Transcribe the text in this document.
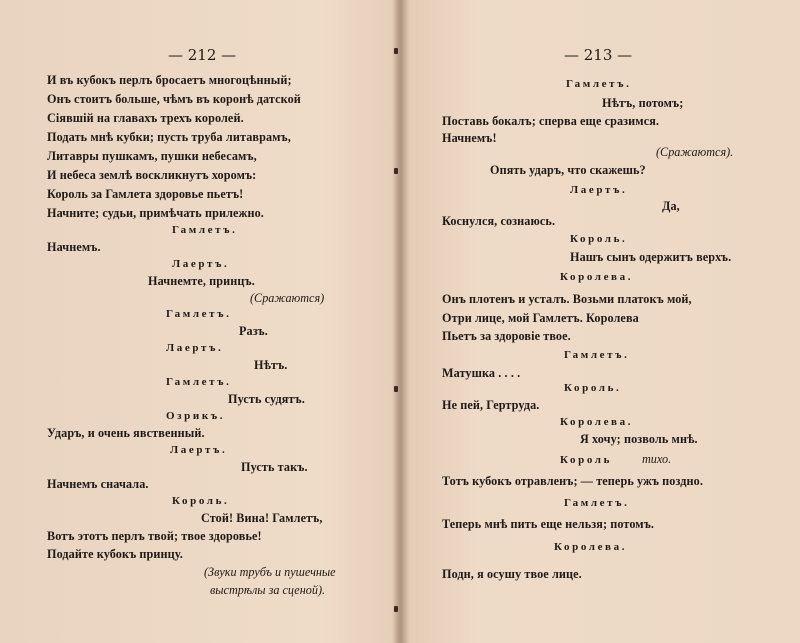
— 212 —
И въ кубокъ перлъ бросаетъ многоцѣнный;
Онъ стоитъ больше, чѣмъ въ коронѣ датской
Сіявшій на главахъ трехъ королей.
Подать мнѣ кубки; пусть труба литаврамъ,
Литавры пушкамъ, пушки небесамъ,
И небеса землѣ воскликнутъ хоромъ:
Король за Гамлета здоровье пьетъ!
Начните; судьи, примѣчать прилежно.
Гамлетъ.
Начнемъ.
Лаертъ.
Начнемте, принцъ.
(Сражаются)
Гамлетъ.
Разъ.
Лаертъ.
Нѣтъ.
Гамлетъ.
Пусть судятъ.
Озрикъ.
Ударъ, и очень явственный.
Лаертъ.
Пусть такъ.
Начнемъ сначала.
Король.
Стой! Вина! Гамлетъ,
Вотъ этотъ перлъ твой; твое здоровье!
Подайте кубокъ принцу.
(Звуки трубъ и пушечные
выстрѣлы за сценой).
— 213 —
Гамлетъ.
Нѣтъ, потомъ;
Поставь бокалъ; сперва еще сразимся.
Начнемъ!
(Сражаются).
Опять ударъ, что скажешь?
Лаертъ.
Да,
Коснулся, сознаюсь.
Король.
Нашъ сынъ одержитъ верхъ.
Королева.
Онъ плотенъ и усталъ. Возьми платокъ мой,
Отри лице, мой Гамлетъ. Королева
Пьетъ за здоровіе твое.
Гамлетъ.
Матушка . . . .
Король.
Не пей, Гертруда.
Королева.
Я хочу; позволь мнѣ.
Король тихо.
Тотъ кубокъ отравленъ; — теперь ужъ поздно.
Гамлетъ.
Теперь мнѣ пить еще нельзя; потомъ.
Королева.
Подн, я осушу твое лице.
